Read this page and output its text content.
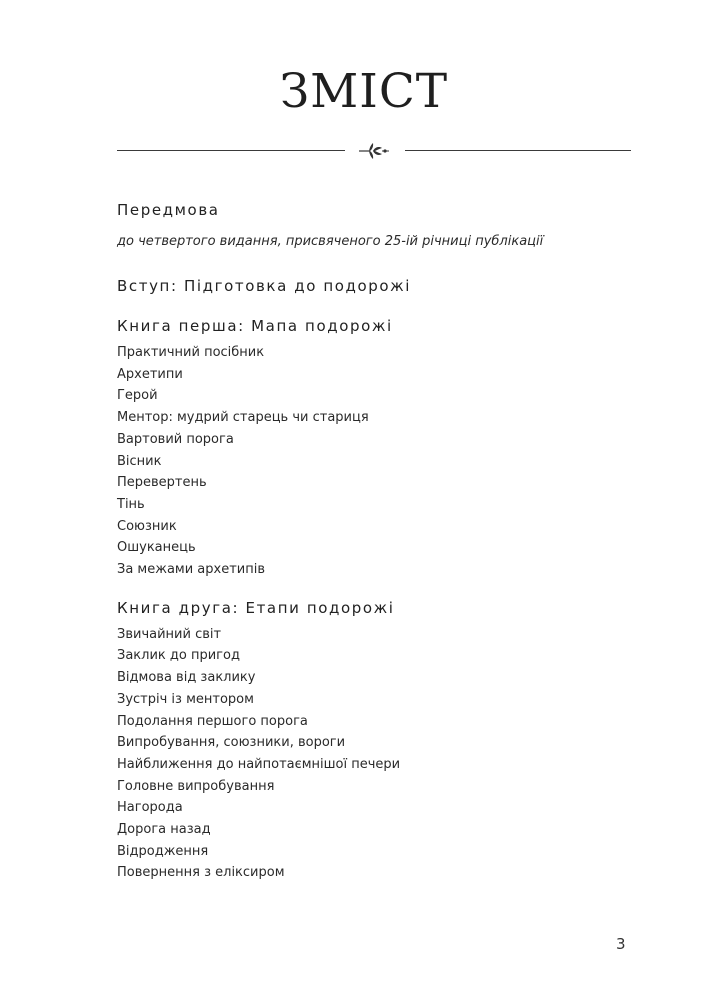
ЗМІСТ
Передмова
до четвертого видання, присвяченого 25-ій річниці публікації
Вступ: Підготовка до подорожі
Книга перша: Мапа подорожі
Практичний посібник
Архетипи
Герой
Ментор: мудрий старець чи стариця
Вартовий порога
Вісник
Перевертень
Тінь
Союзник
Ошуканець
За межами архетипів
Книга друга: Етапи подорожі
Звичайний світ
Заклик до пригод
Відмова від заклику
Зустріч із ментором
Подолання першого порога
Випробування, союзники, вороги
Найближення до найпотаємнішої печери
Головне випробування
Нагорода
Дорога назад
Відродження
Повернення з еліксиром
3
